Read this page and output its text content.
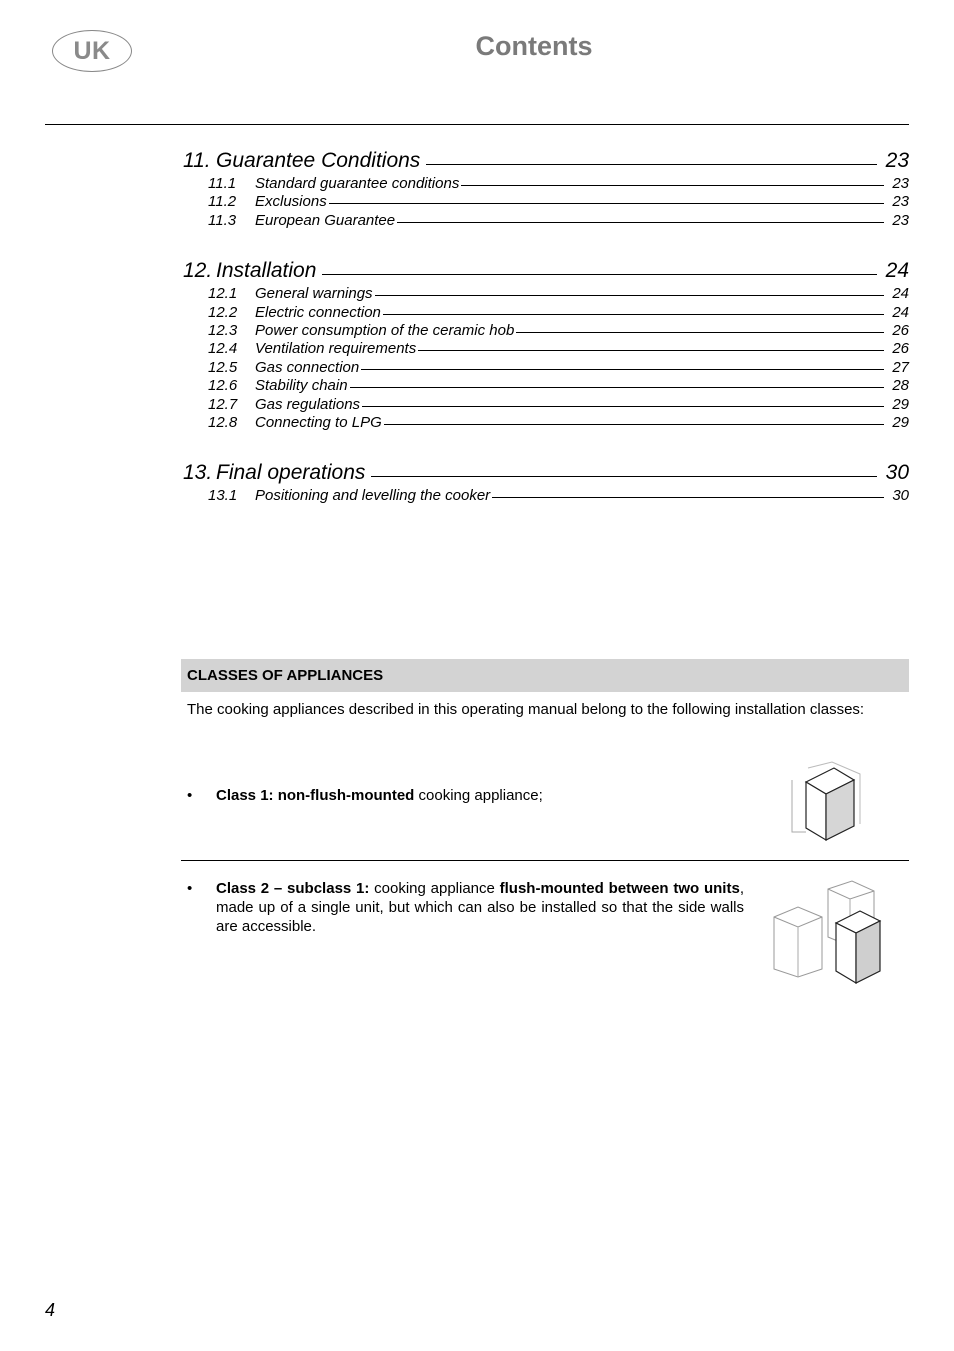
UK	Contents
11. Guarantee Conditions	23
11.1	Standard guarantee conditions	23
11.2	Exclusions	23
11.3	European Guarantee	23
12. Installation	24
12.1	General warnings	24
12.2	Electric connection	24
12.3	Power consumption of the ceramic hob	26
12.4	Ventilation requirements	26
12.5	Gas connection	27
12.6	Stability chain	28
12.7	Gas regulations	29
12.8	Connecting to LPG	29
13. Final operations	30
13.1	Positioning and levelling the cooker	30
CLASSES OF APPLIANCES
The cooking appliances described in this operating manual belong to the following installation classes:
• Class 1: non-flush-mounted cooking appliance;
• Class 2 – subclass 1: cooking appliance flush-mounted between two units, made up of a single unit, but which can also be installed so that the side walls are accessible.
4
